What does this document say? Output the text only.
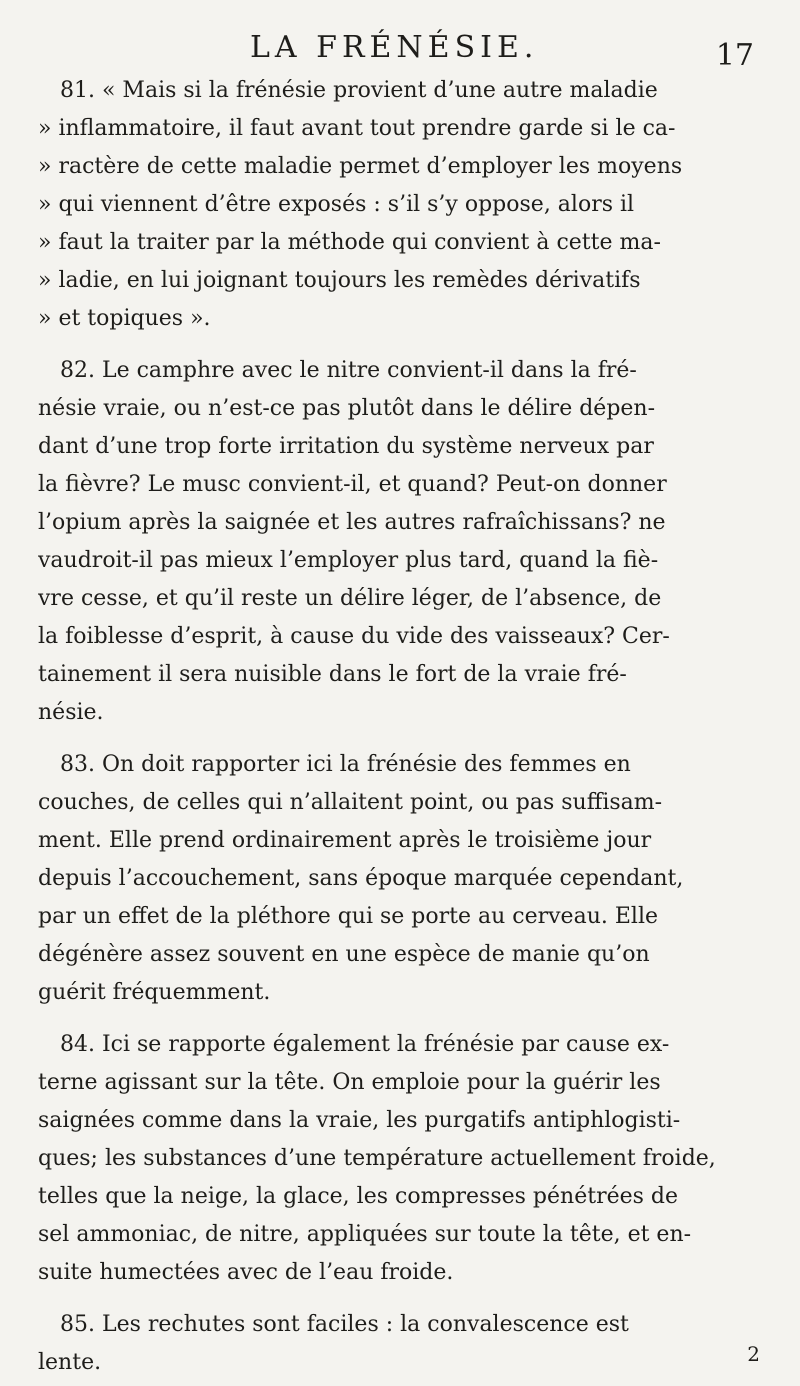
LA FRÉNÉSIE.	17
81. « Mais si la frénésie provient d’une autre maladie
» inflammatoire, il faut avant tout prendre garde si le ca-
» ractère de cette maladie permet d’employer les moyens
» qui viennent d’être exposés : s’il s’y oppose, alors il
» faut la traiter par la méthode qui convient à cette ma-
» ladie, en lui joignant toujours les remèdes dérivatifs
» et topiques ».
82. Le camphre avec le nitre convient-il dans la fré-
nésie vraie, ou n’est-ce pas plutôt dans le délire dépen-
dant d’une trop forte irritation du système nerveux par
la fièvre? Le musc convient-il, et quand? Peut-on donner
l’opium après la saignée et les autres rafraîchissans? ne
vaudroit-il pas mieux l’employer plus tard, quand la fiè-
vre cesse, et qu’il reste un délire léger, de l’absence, de
la foiblesse d’esprit, à cause du vide des vaisseaux? Cer-
tainement il sera nuisible dans le fort de la vraie fré-
nésie.
83. On doit rapporter ici la frénésie des femmes en
couches, de celles qui n’allaitent point, ou pas suffisam-
ment. Elle prend ordinairement après le troisième jour
depuis l’accouchement, sans époque marquée cependant,
par un effet de la pléthore qui se porte au cerveau. Elle
dégénère assez souvent en une espèce de manie qu’on
guérit fréquemment.
84. Ici se rapporte également la frénésie par cause ex-
terne agissant sur la tête. On emploie pour la guérir les
saignées comme dans la vraie, les purgatifs antiphlogisti-
ques; les substances d’une température actuellement froide,
telles que la neige, la glace, les compresses pénétrées de
sel ammoniac, de nitre, appliquées sur toute la tête, et en-
suite humectées avec de l’eau froide.
85. Les rechutes sont faciles : la convalescence est
lente.	2
